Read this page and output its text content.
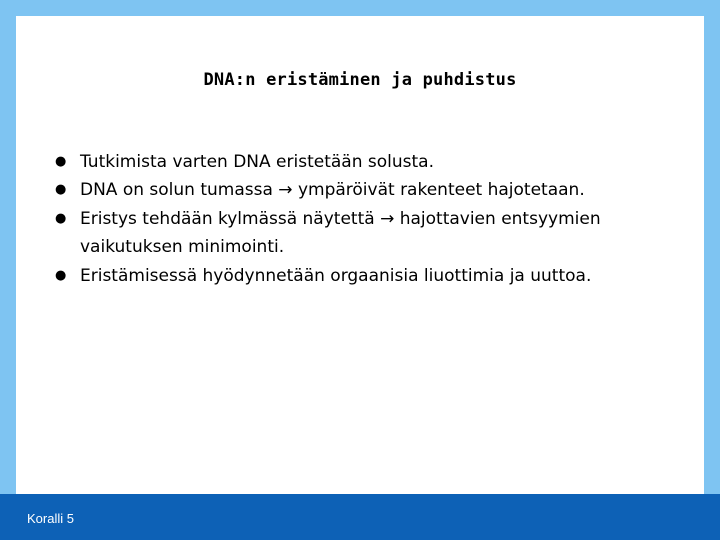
DNA:n eristäminen ja puhdistus
● Tutkimista varten DNA eristetään solusta.
● DNA on solun tumassa → ympäröivät rakenteet hajotetaan.
● Eristys tehdään kylmässä näytettä → hajottavien entsyymien vaikutuksen minimointi.
● Eristämisessä hyödynnetään orgaanisia liuottimia ja uuttoa.
Koralli 5
